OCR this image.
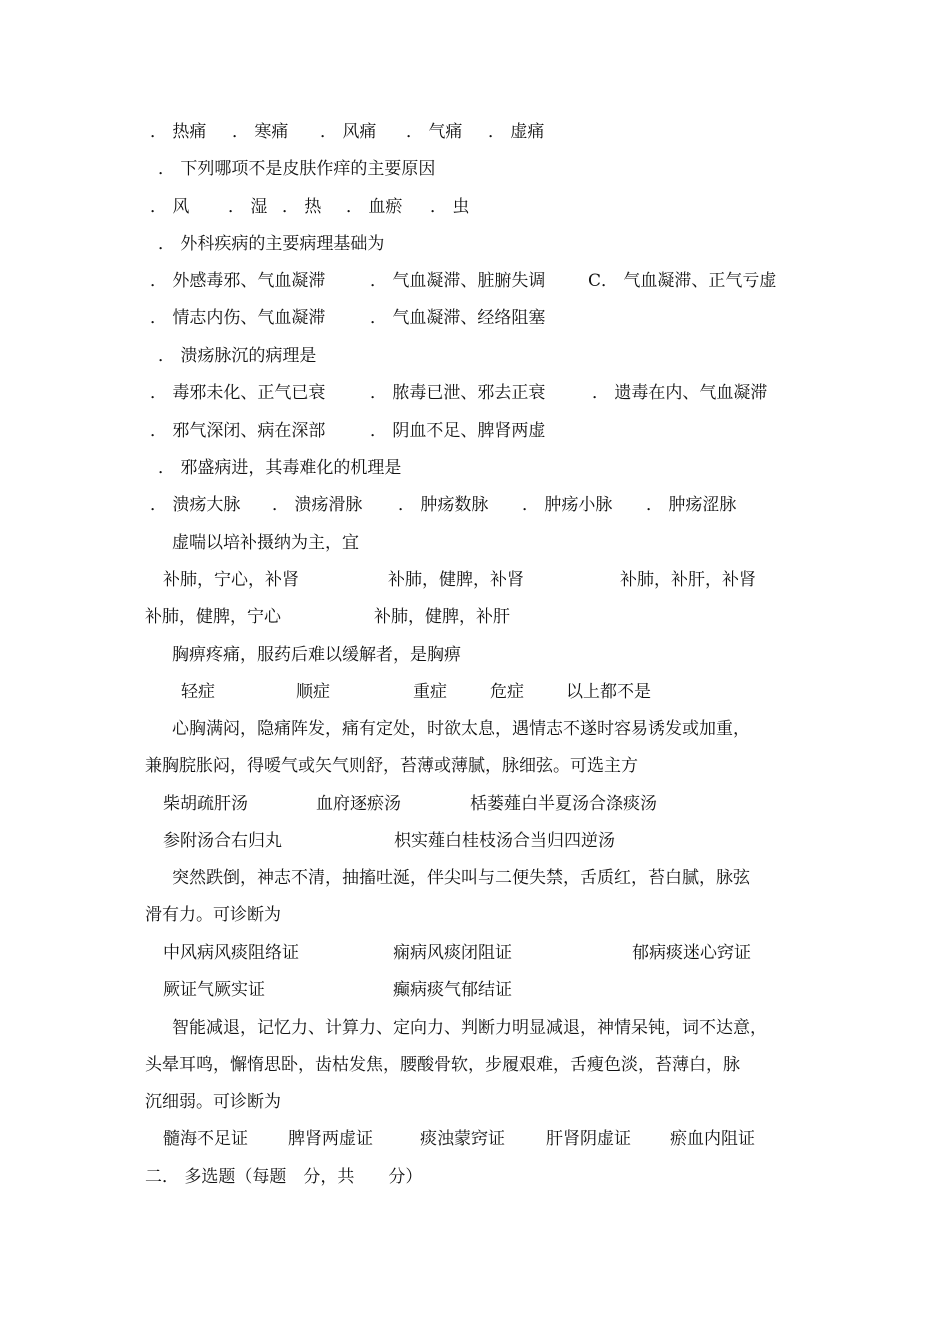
． 热痛 ． 寒痛 ． 风痛 ． 气痛 ． 虚痛
． 下列哪项不是皮肤作痒的主要原因
． 风 ． 湿 ． 热 ． 血瘀 ． 虫
． 外科疾病的主要病理基础为
． 外感毒邪、气血凝滞	． 气血凝滞、脏腑失调	C． 气血凝滞、正气亏虚
． 情志内伤、气血凝滞	． 气血凝滞、经络阻塞
． 溃疡脉沉的病理是
． 毒邪未化、正气已衰	． 脓毒已泄、邪去正衰	． 遗毒在内、气血凝滞
． 邪气深闭、病在深部	． 阴血不足、脾肾两虚
． 邪盛病进，其毒难化的机理是
． 溃疡大脉 ． 溃疡滑脉 ． 肿疡数脉 ． 肿疡小脉 ． 肿疡涩脉
虚喘以培补摄纳为主，宜
补肺，宁心，补肾	补肺，健脾，补肾	补肺，补肝，补肾
补肺，健脾，宁心	补肺，健脾，补肝
胸痹疼痛，服药后难以缓解者，是胸痹
轻症	顺症	重症	危症 以上都不是
心胸满闷，隐痛阵发，痛有定处，时欲太息，遇情志不遂时容易诱发或加重，
兼胸脘胀闷，得嗳气或矢气则舒，苔薄或薄腻，脉细弦。可选主方
柴胡疏肝汤	血府逐瘀汤	栝蒌薤白半夏汤合涤痰汤
参附汤合右归丸	枳实薤白桂枝汤合当归四逆汤
突然跌倒，神志不清，抽搐吐涎，伴尖叫与二便失禁，舌质红，苔白腻，脉弦
滑有力。可诊断为
中风病风痰阻络证	痫病风痰闭阻证	郁病痰迷心窍证
厥证气厥实证	癫病痰气郁结证
智能减退，记忆力、计算力、定向力、判断力明显减退，神情呆钝，词不达意，
头晕耳鸣，懈惰思卧，齿枯发焦，腰酸骨软，步履艰难，舌瘦色淡，苔薄白，脉
沉细弱。可诊断为
髓海不足证 脾肾两虚证	痰浊蒙窍证 肝肾阴虚证 瘀血内阻证
二． 多选题（每题　分，共　　分）
